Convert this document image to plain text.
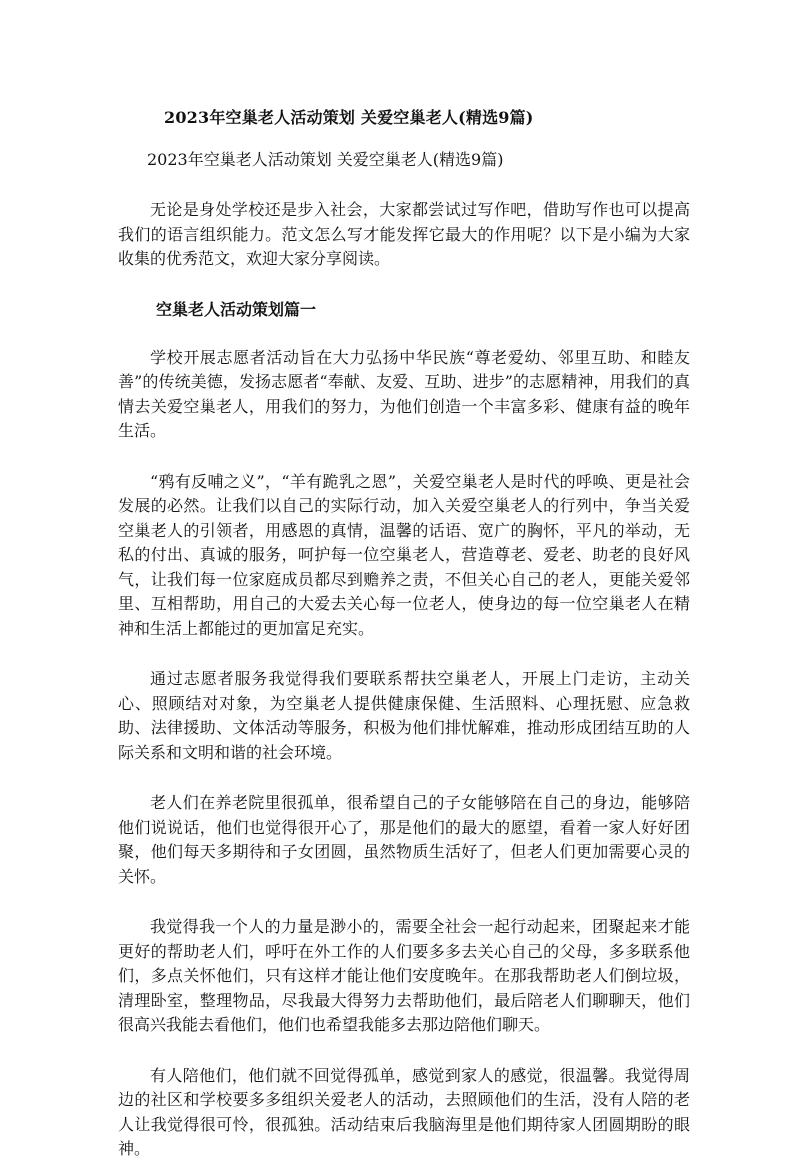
2023年空巢老人活动策划 关爱空巢老人(精选9篇)

2023年空巢老人活动策划 关爱空巢老人(精选9篇)

无论是身处学校还是步入社会，大家都尝试过写作吧，借助写作也可以提高我们的语言组织能力。范文怎么写才能发挥它最大的作用呢？以下是小编为大家收集的优秀范文，欢迎大家分享阅读。

空巢老人活动策划篇一

学校开展志愿者活动旨在大力弘扬中华民族“尊老爱幼、邻里互助、和睦友善”的传统美德，发扬志愿者“奉献、友爱、互助、进步”的志愿精神，用我们的真情去关爱空巢老人，用我们的努力，为他们创造一个丰富多彩、健康有益的晚年生活。

“鸦有反哺之义”，“羊有跪乳之恩”，关爱空巢老人是时代的呼唤、更是社会发展的必然。让我们以自己的实际行动，加入关爱空巢老人的行列中，争当关爱空巢老人的引领者，用感恩的真情，温馨的话语、宽广的胸怀，平凡的举动，无私的付出、真诚的服务，呵护每一位空巢老人，营造尊老、爱老、助老的良好风气，让我们每一位家庭成员都尽到赡养之责，不但关心自己的老人，更能关爱邻里、互相帮助，用自己的大爱去关心每一位老人，使身边的每一位空巢老人在精神和生活上都能过的更加富足充实。

通过志愿者服务我觉得我们要联系帮扶空巢老人，开展上门走访，主动关心、照顾结对对象，为空巢老人提供健康保健、生活照料、心理抚慰、应急救助、法律援助、文体活动等服务，积极为他们排忧解难，推动形成团结互助的人际关系和文明和谐的社会环境。

老人们在养老院里很孤单，很希望自己的子女能够陪在自己的身边，能够陪他们说说话，他们也觉得很开心了，那是他们的最大的愿望，看着一家人好好团聚，他们每天多期待和子女团圆，虽然物质生活好了，但老人们更加需要心灵的关怀。

我觉得我一个人的力量是渺小的，需要全社会一起行动起来，团聚起来才能更好的帮助老人们，呼吁在外工作的人们要多多去关心自己的父母，多多联系他们，多点关怀他们，只有这样才能让他们安度晚年。在那我帮助老人们倒垃圾，清理卧室，整理物品，尽我最大得努力去帮助他们，最后陪老人们聊聊天，他们很高兴我能去看他们，他们也希望我能多去那边陪他们聊天。

有人陪他们，他们就不回觉得孤单，感觉到家人的感觉，很温馨。我觉得周边的社区和学校要多多组织关爱老人的活动，去照顾他们的生活，没有人陪的老人让我觉得很可怜，很孤独。活动结束后我脑海里是他们期待家人团圆期盼的眼神。
